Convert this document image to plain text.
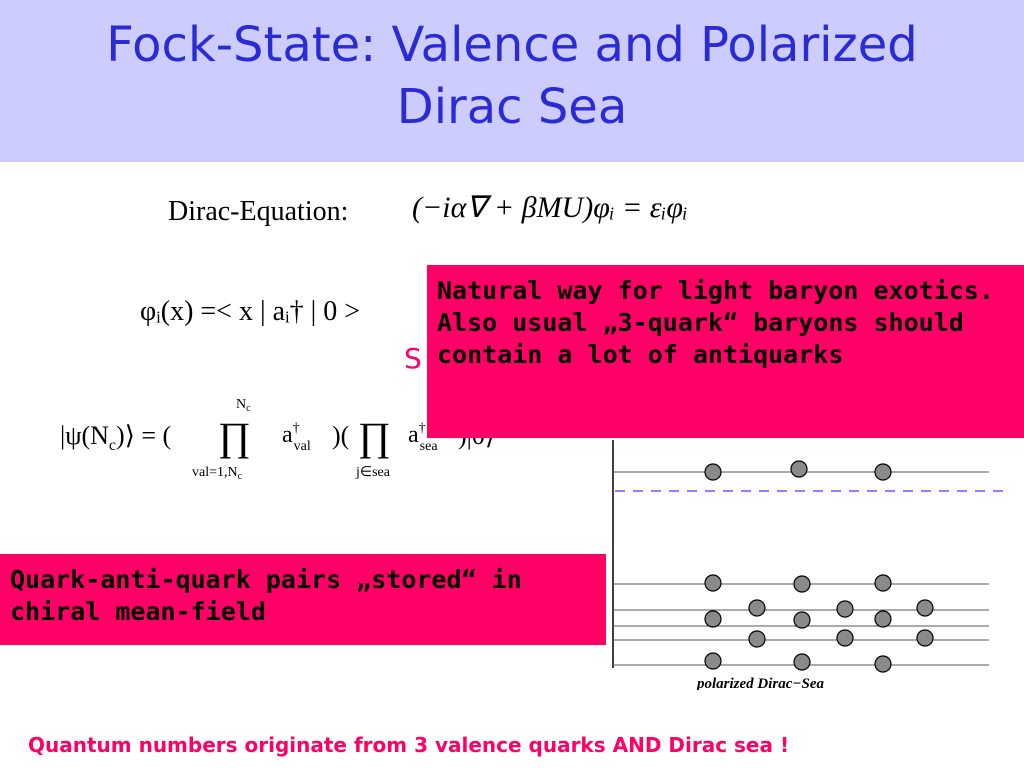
Fock-State: Valence and Polarized
Dirac Sea
Dirac-Equation: (−iα∇ + βMU)φᵢ = εᵢφᵢ
φᵢ(x) =< x | aᵢ† | 0 >
$|\psi(N_c)⟩$ = ( ∏
$N_c$
$val=1,N_c$
a† val )( ∏
j∈sea
a† sea
S
Natural way for light baryon exotics. Also usual „3-quark“ baryons should contain a lot of antiquarks
Quark-anti-quark pairs „stored“ in chiral mean-field
polarized Dirac−Sea
Quantum numbers originate from 3 valence quarks AND Dirac sea !
